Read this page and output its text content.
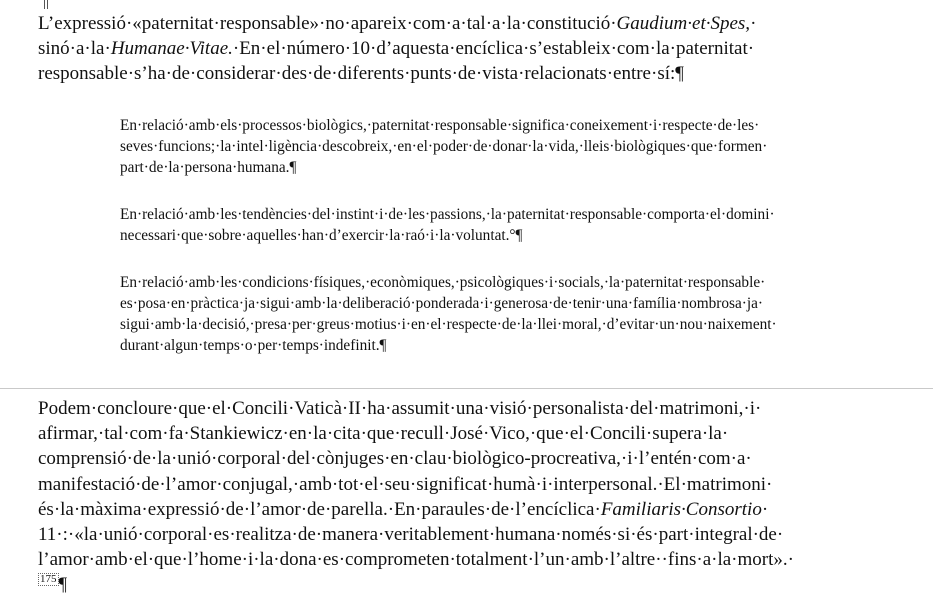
L’expressió·«paternitat·responsable»·no·apareix·com·a·tal·a·la·constitució·Gaudium·et·Spes,·
sinó·a·la·Humanae·Vitae.·En·el·número·10·d’aquesta·encíclica·s’estableix·com·la·paternitat·
responsable·s’ha·de·considerar·des·de·diferents·punts·de·vista·relacionats·entre·sí:¶
En·relació·amb·els·processos·biològics,·paternitat·responsable·significa·coneixement·i·respecte·de·les·
seves·funcions;·la·intel·ligència·descobreix,·en·el·poder·de·donar·la·vida,·lleis·biològiques·que·formen·
part·de·la·persona·humana.¶
En·relació·amb·les·tendències·del·instint·i·de·les·passions,·la·paternitat·responsable·comporta·el·domini·
necessari·que·sobre·aquelles·han·d’exercir·la·raó·i·la·voluntat.°¶
En·relació·amb·les·condicions·físiques,·econòmiques,·psicològiques·i·socials,·la·paternitat·responsable·
es·posa·en·pràctica·ja·sigui·amb·la·deliberació·ponderada·i·generosa·de·tenir·una·família·nombrosa·ja·
sigui·amb·la·decisió,·presa·per·greus·motius·i·en·el·respecte·de·la·llei·moral,·d’evitar·un·nou·naixement·
durant·algun·temps·o·per·temps·indefinit.¶
Podem·concloure·que·el·Concili·Vaticà·II·ha·assumit·una·visió·personalista·del·matrimoni,·i·
afirmar,·tal·com·fa·Stankiewicz·en·la·cita·que·recull·José·Vico,·que·el·Concili·supera·la·
comprensió·de·la·unió·corporal·del·cònjuges·en·clau·biològico-procreativa,·i·l’entén·com·a·
manifestació·de·l’amor·conjugal,·amb·tot·el·seu·significat·humà·i·interpersonal.·El·matrimoni·
és·la·màxima·expressió·de·l’amor·de·parella.·En·paraules·de·l’encíclica·Familiaris·Consortio·
11·:·«la·unió·corporal·es·realitza·de·manera·veritablement·humana·només·si·és·part·integral·de·
l’amor·amb·el·que·l’home·i·la·dona·es·comprometen·totalment·l’un·amb·l’altre··fins·a·la·mort».·
175 ¶
